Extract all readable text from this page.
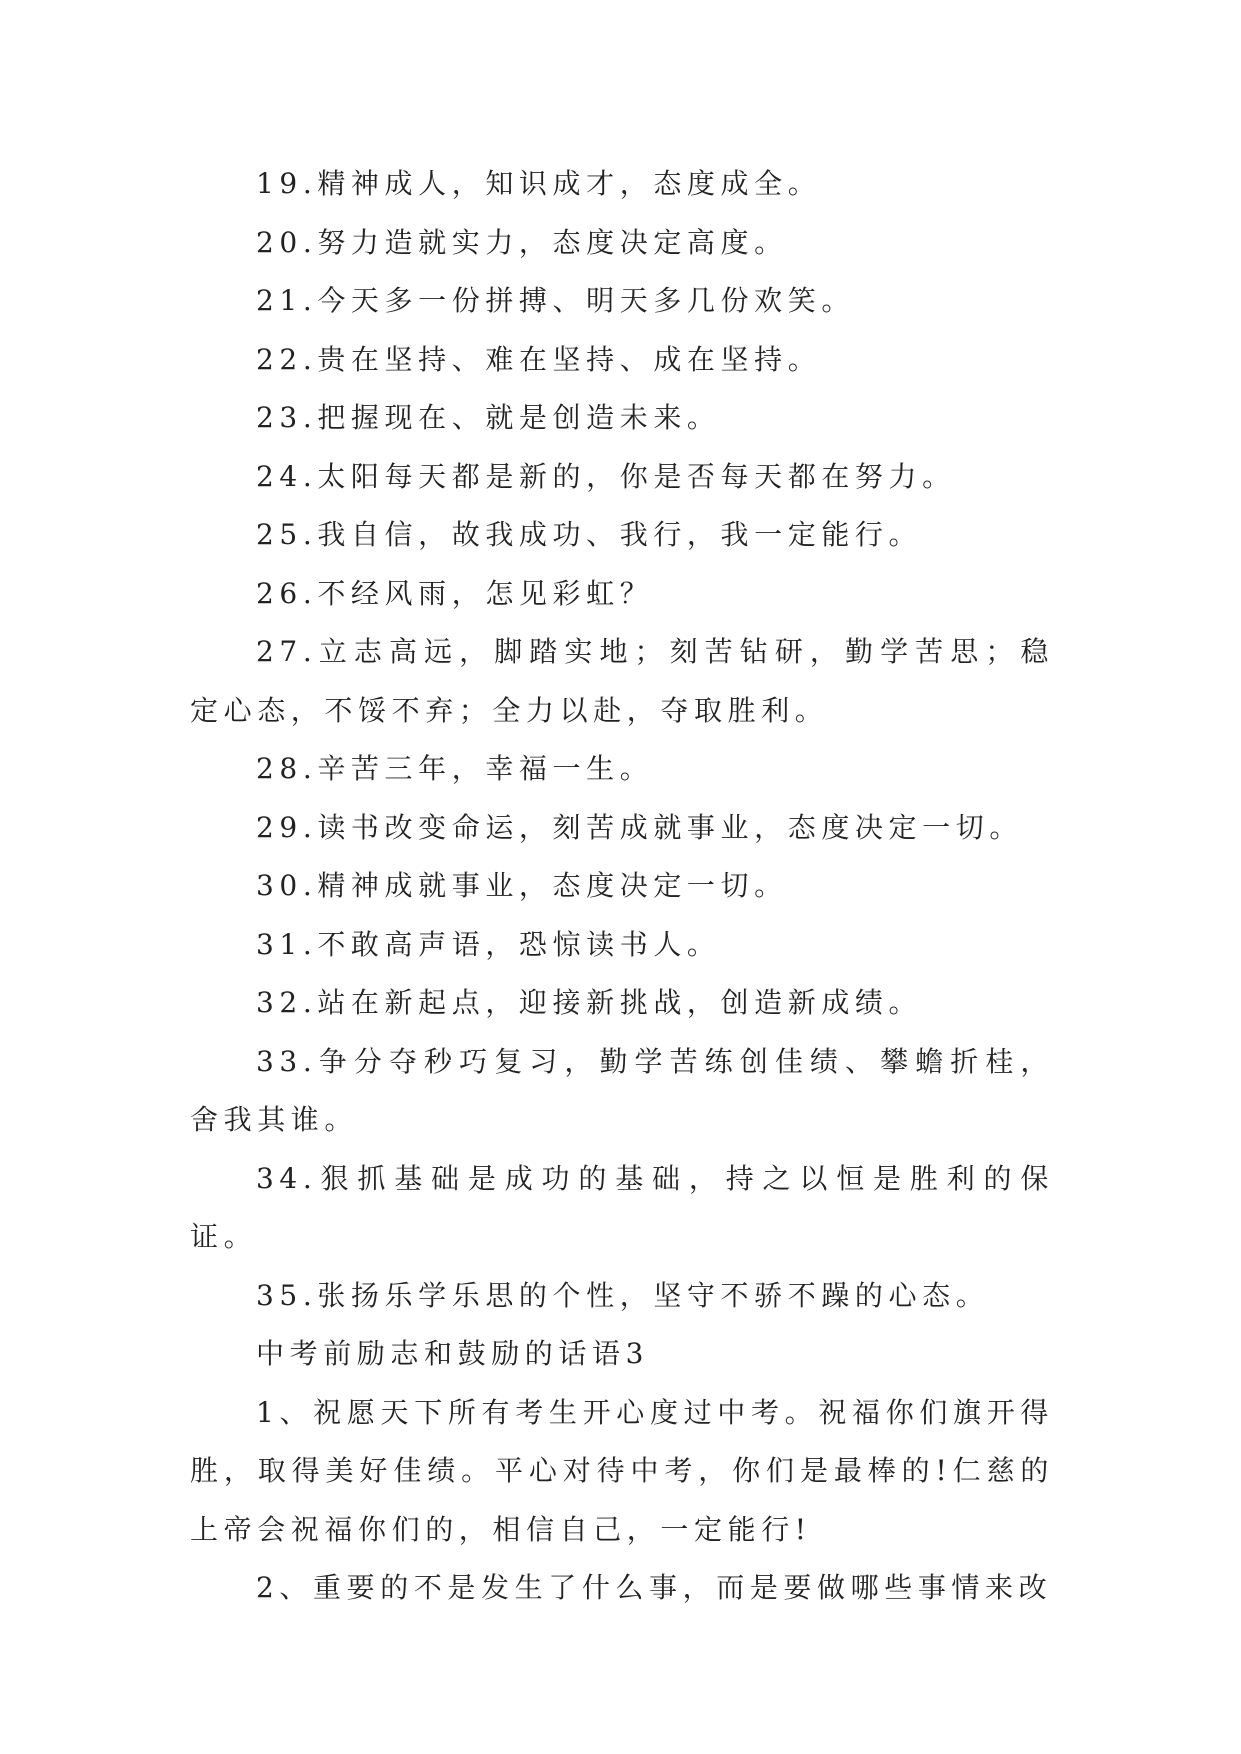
19.精神成人，知识成才，态度成全。

20.努力造就实力，态度决定高度。

21.今天多一份拼搏、明天多几份欢笑。

22.贵在坚持、难在坚持、成在坚持。

23.把握现在、就是创造未来。

24.太阳每天都是新的，你是否每天都在努力。

25.我自信，故我成功、我行，我一定能行。

26.不经风雨，怎见彩虹？

27.立志高远，脚踏实地；刻苦钻研，勤学苦思；稳定心态，不馁不弃；全力以赴，夺取胜利。

28.辛苦三年，幸福一生。

29.读书改变命运，刻苦成就事业，态度决定一切。

30.精神成就事业，态度决定一切。

31.不敢高声语，恐惊读书人。

32.站在新起点，迎接新挑战，创造新成绩。

33.争分夺秒巧复习，勤学苦练创佳绩、攀蟾折桂，舍我其谁。

34.狠抓基础是成功的基础，持之以恒是胜利的保证。

35.张扬乐学乐思的个性，坚守不骄不躁的心态。

中考前励志和鼓励的话语3

1、祝愿天下所有考生开心度过中考。祝福你们旗开得胜，取得美好佳绩。平心对待中考，你们是最棒的!仁慈的上帝会祝福你们的，相信自己，一定能行!

2、重要的不是发生了什么事，而是要做哪些事情来改
